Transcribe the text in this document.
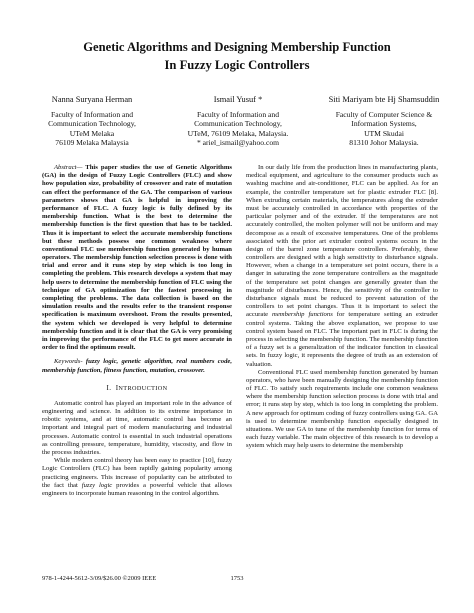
Genetic Algorithms and Designing Membership Function
In Fuzzy Logic Controllers
Nanna Suryana Herman
Faculty of Information and
Communication Technology,
UTeM Melaka
76109 Melaka Malaysia
Ismail Yusuf *
Faculty of Information and
Communication Technology,
UTeM, 76109 Melaka, Malaysia.
* ariel_ismail@yahoo.com
Siti Mariyam bte Hj Shamsuddin
Faculty of Computer Science &
Information Systems,
UTM Skudai
81310 Johor Malaysia.

Abstract— This paper studies the use of Genetic Algorithms (GA) in the design of Fuzzy Logic Controllers (FLC) and show how population size, probability of crossover and rate of mutation can effect the performance of the GA. The comparison of various parameters shows that GA is helpful in improving the performance of FLC. A fuzzy logic is fully defined by its membership function. What is the best to determine the membership function is the first question that has to be tackled. Thus it is important to select the accurate membership functions but these methods possess one common weakness where conventional FLC use membership function generated by human operators. The membership function selection process is done with trial and error and it runs step by step which is too long in completing the problem. This research develops a system that may help users to determine the membership function of FLC using the technique of GA optimization for the fastest processing in completing the problems. The data collection is based on the simulation results and the results refer to the transient response specification is maximum overshoot. From the results presented, the system which we developed is very helpful to determine membership function and it is clear that the GA is very promising in improving the performance of the FLC to get more accurate in order to find the optimum result.

Keywords- fuzzy logic, genetic algorithm, real numbers code, membership function, fitness function, mutation, crossover.

I. INTRODUCTION

Automatic control has played an important role in the advance of engineering and science. In addition to its extreme importance in robotic systems, and at time, automatic control has become an important and integral part of modern manufacturing and industrial processes. Automatic control is essential in such industrial operations as controlling pressure, temperature, humidity, viscosity, and flow in the process industries.

While modern control theory has been easy to practice [10], fuzzy Logic Controllers (FLC) has been rapidly gaining popularity among practicing engineers. This increase of popularity can be attributed to the fact that fuzzy logic provides a powerful vehicle that allows engineers to incorporate human reasoning in the control algorithm.

In our daily life from the production lines in manufacturing plants, medical equipment, and agriculture to the consumer products such as washing machine and air-conditioner, FLC can be applied. As for an example, the controller temperature set for plastic extruder FLC [8]. When extruding certain materials, the temperatures along the extruder must be accurately controlled in accordance with properties of the particular polymer and of the extruder. If the temperatures are not accurately controlled, the molten polymer will not be uniform and may decompose as a result of excessive temperatures. One of the problems associated with the prior art extruder control systems occurs in the design of the barrel zone temperature controllers. Preferably, these controllers are designed with a high sensitivity to disturbance signals. However, when a change in a temperature set point occurs, there is a danger in saturating the zone temperature controllers as the magnitude of the temperature set point changes are generally greater than the magnitude of disturbances. Hence, the sensitivity of the controller to disturbance signals must be reduced to prevent saturation of the controllers to set point changes. Thus it is important to select the accurate membership functions for temperature setting an extruder control systems. Taking the above explanation, we propose to use control system based on FLC. The important part in FLC is during the process in selecting the membership function. The membership function of a fuzzy set is a generalization of the indicator function in classical sets. In fuzzy logic, it represents the degree of truth as an extension of valuation.

Conventional FLC used membership function generated by human operators, who have been manually designing the membership function of FLC. To satisfy such requirements include one common weakness where the membership function selection process is done with trial and error; it runs step by step, which is too long in completing the problem. A new approach for optimum coding of fuzzy controllers using GA. GA is used to determine membership function especially designed in situations. We use GA to tune of the membership function for terms of each fuzzy variable. The main objective of this research is to develop a system which may help users to determine the membership

978-1-4244-5612-3/09/$26.00 ©2009 IEEE	1753
